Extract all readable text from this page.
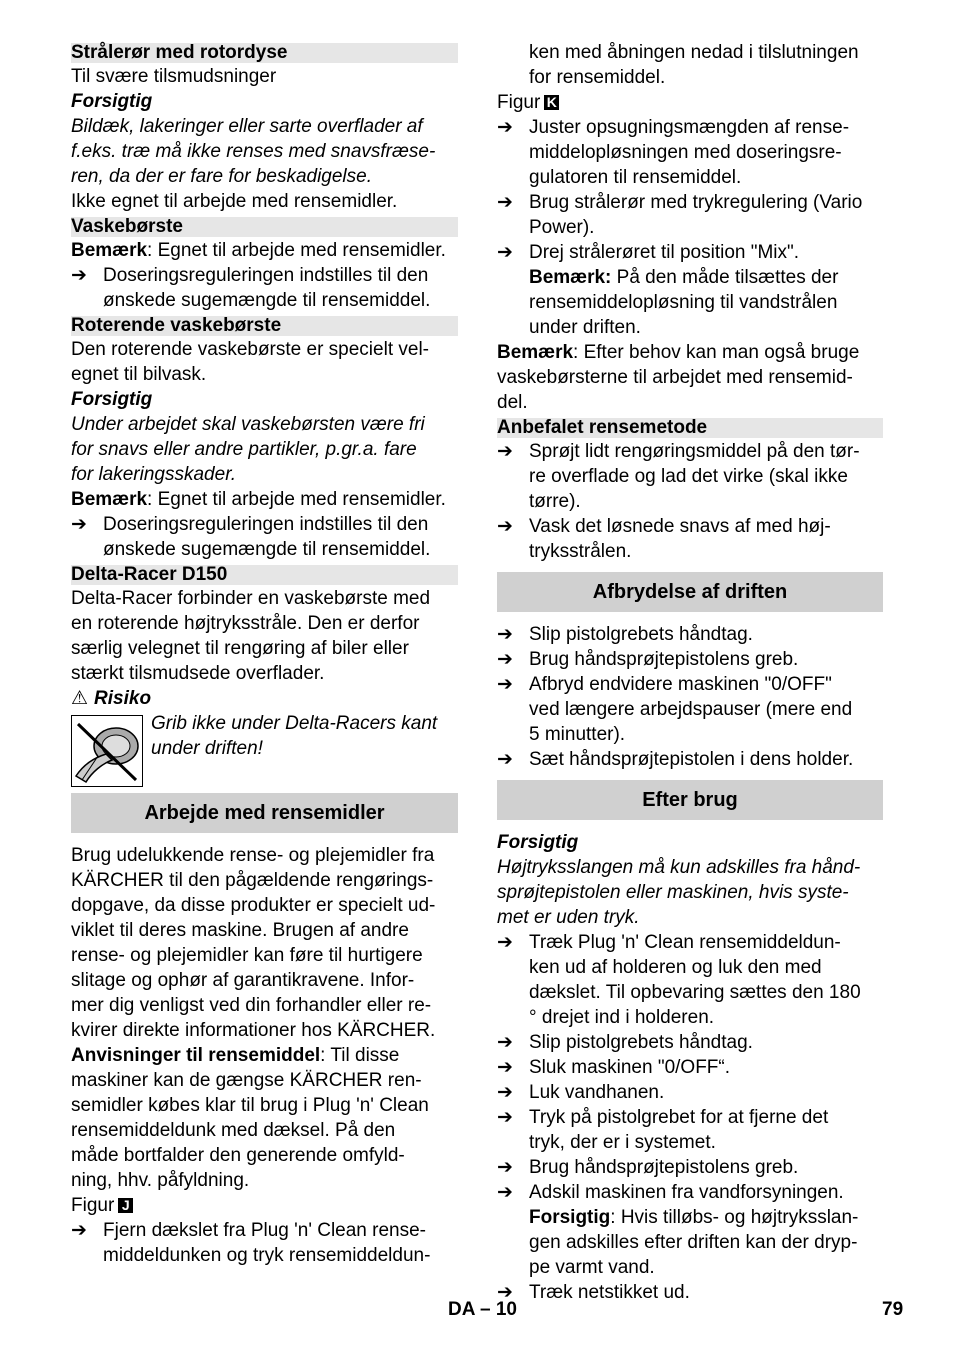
Strålerør med rotordyse

Til svære tilsmudsninger

Forsigtig

Bildæk, lakeringer eller sarte overflader af

f.eks. træ må ikke renses med snavsfræse-

ren, da der er fare for beskadigelse.

Ikke egnet til arbejde med rensemidler.

Vaskebørste

Bemærk: Egnet til arbejde med rensemidler.

➔ Doseringsreguleringen indstilles til den
ønskede sugemængde til rensemiddel.
Roterende vaskebørste

Den roterende vaskebørste er specielt vel-

egnet til bilvask.

Forsigtig

Under arbejdet skal vaskebørsten være fri

for snavs eller andre partikler, p.gr.a. fare

for lakeringsskader.

Bemærk: Egnet til arbejde med rensemidler.

➔ Doseringsreguleringen indstilles til den
ønskede sugemængde til rensemiddel.
Delta-Racer D150

Delta-Racer forbinder en vaskebørste med

en roterende højtryksstråle. Den er derfor

særlig velegnet til rengøring af biler eller

stærkt tilsmudsede overflader.

⚠ Risiko

Grib ikke under Delta-Racers kant
under driften!
Arbejde med rensemidler

Brug udelukkende rense- og plejemidler fra

KÄRCHER til den pågældende rengørings-

dopgave, da disse produkter er specielt ud-

viklet til deres maskine. Brugen af andre

rense- og plejemidler kan føre til hurtigere

slitage og ophør af garantikravene. Infor-

mer dig venligst ved din forhandler eller re-

kvirer direkte informationer hos KÄRCHER.

Anvisninger til rensemiddel: Til disse

maskiner kan de gængse KÄRCHER ren-

semidler købes klar til brug i Plug 'n' Clean

rensemiddeldunk med dæksel. På den

måde bortfalder den generende omfyld-

ning, hhv. påfyldning.

Figur J

➔ Fjern dækslet fra Plug 'n' Clean rense-
middeldunken og tryk rensemiddeldun-

ken med åbningen nedad i tilslutningen

for rensemiddel.

Figur K

➔ Juster opsugningsmængden af rense-
middelopløsningen med doseringsre-
gulatoren til rensemiddel.
➔ Brug strålerør med trykregulering (Vario
Power).
➔ Drej strålerøret til position "Mix".
Bemærk: På den måde tilsættes der
rensemiddelopløsning til vandstrålen
under driften.

Bemærk: Efter behov kan man også bruge

vaskebørsterne til arbejdet med rensemid-

del.

Anbefalet rensemetode
➔ Sprøjt lidt rengøringsmiddel på den tør-
re overflade og lad det virke (skal ikke
tørre).
➔ Vask det løsnede snavs af med høj-
tryksstrålen.
Afbrydelse af driften
➔ Slip pistolgrebets håndtag.
➔ Brug håndsprøjtepistolens greb.
➔ Afbryd endvidere maskinen "0/OFF"
ved længere arbejdspauser (mere end
5 minutter).
➔ Sæt håndsprøjtepistolen i dens holder.
Efter brug

Forsigtig

Højtryksslangen må kun adskilles fra hånd-

sprøjtepistolen eller maskinen, hvis syste-

met er uden tryk.

➔ Træk Plug 'n' Clean rensemiddeldun-
ken ud af holderen og luk den med
dækslet. Til opbevaring sættes den 180
° drejet ind i holderen.
➔ Slip pistolgrebets håndtag.
➔ Sluk maskinen "0/OFF“.
➔ Luk vandhanen.
➔ Tryk på pistolgrebet for at fjerne det
tryk, der er i systemet.
➔ Brug håndsprøjtepistolens greb.
➔ Adskil maskinen fra vandforsyningen.
Forsigtig: Hvis tilløbs- og højtryksslan-
gen adskilles efter driften kan der dryp-
pe varmt vand.
➔ Træk netstikket ud.
DA – 10	79
